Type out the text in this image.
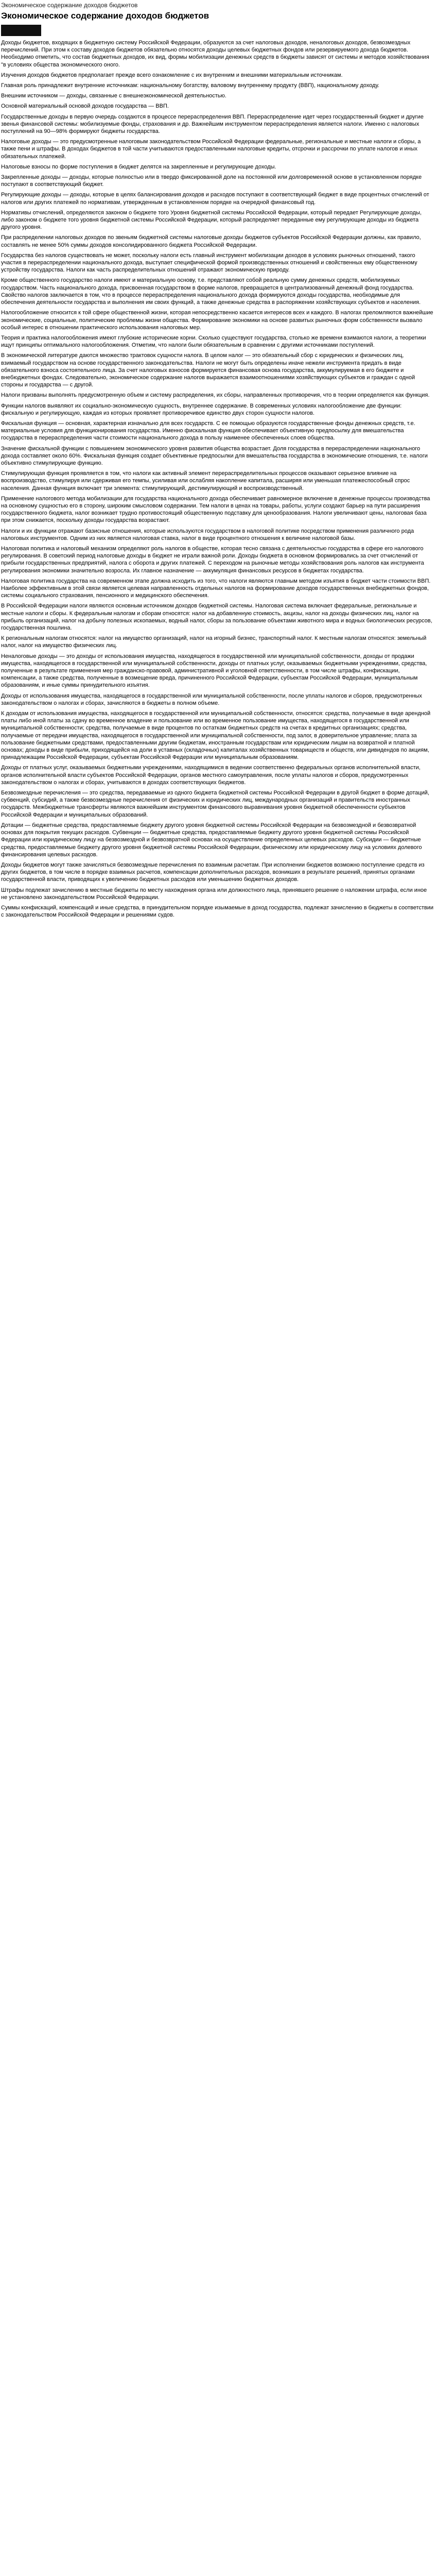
Экономическое содержание доходов бюджетов
Экономическое содержание доходов бюджетов

Доходы бюджетов, входящих в бюджетную систему Российской Федерации, образуются за счет налоговых доходов, неналоговых доходов, безвозмездных перечислений. При этом к составу доходов бюджетов обязательно относятся доходы целевых бюджетных фондов или резервируемого дохода бюджетов. Необходимо отметить, что состав бюджетных доходов, их вид, формы мобилизации денежных средств в бюджеты зависят от системы и методов хозяйствования "в условиях общества экономического оного.

Изучения доходов бюджетов предполагает прежде всего ознакомление с их внутренним и внешними материальным источникам.

Главная роль принадлежит внутренние источникам: национальному богатству, валовому внутреннему продукту (ВВП), национальному доходу.

Внешним источником — доходы, связанные с внешнеэкономической деятельностью.

Основной материальный основой доходов государства — ВВП.

Государственные доходы в первую очередь создаются в процессе перераспределения ВВП. Перераспределение идет через государственный бюджет и другие звенья финансовой системы: мобилизуемые фонды, страхования и др. Важнейшим инструментом перераспределения является налоги. Именно с налоговых поступлений на 90—98% формируют бюджеты государства.

Налоговые доходы — это предусмотренные налоговым законодательством Российской Федерации федеральные, региональные и местные налоги и сборы, а также пени и штрафы. В доходах бюджетов в той части учитываются предоставленными налоговые кредиты, отсрочки и рассрочки по уплате налогов и иных обязательных платежей.

Налоговые взносы по форме поступления в бюджет делятся на закрепленные и регулирующие доходы.

Закрепленные доходы — доходы, которые полностью или в твердо фиксированной доле на постоянной или долговременной основе в установленном порядке поступают в соответствующий бюджет.

Регулирующие доходы — доходы, которые в целях балансирования доходов и расходов поступают в соответствующий бюджет в виде процентных отчислений от налогов или других платежей по нормативам, утвержденным в установленном порядке на очередной финансовый год.

Нормативы отчислений, определяются законом о бюджете того Уровня бюджетной системы Российской Федерации, который передает Регулирующие доходы, либо законом о бюджете того уровня бюджетной системы Российской Федерации, который распределяет переданные ему регулирующие доходы из бюджета другого уровня.

При распределении налоговых доходов по звеньям бюджетной системы налоговые доходы бюджетов субъектов Российской Федерации должны, как правило, составлять не менее 50% суммы доходов консолидированного бюджета Российской Федерации.

Государства без налогов существовать не может, поскольку налоги есть главный инструмент мобилизации доходов в условиях рыночных отношений, такого участия в перераспределении национального дохода, выступает специфической формой производственных отношений и свойственных ему общественному устройству государства. Налоги как часть распределительных отношений отражают экономическую природу.

Кроме общественного государство налоги имеют и материальную основу, т.е. представляют собой реальную сумму денежных средств, мобилизуемых государством. Часть национального дохода, присвоенная государством в форме налогов, превращается в централизованный денежный фонд государства. Свойство налогов заключается в том, что в процессе перераспределения национального дохода формируются доходы государства, необходимые для обеспечения деятельности государства и выполнения им своих функций, а также денежные средства в распоряжении хозяйствующих субъектов и населения.

Налогообложение относится к той сфере общественной жизни, которая непосредственно касается интересов всех и каждого. В налогах преломляются важнейшие экономические, социальные, политические проблемы жизни общества. Формирование экономики на основе развитых рыночных форм собственности вызвало особый интерес в отношении практического использования налоговых мер.

Теория и практика налогообложения имеют глубокие исторические корни. Сколько существуют государства, столько же времени взимаются налоги, а теоретики ищут принципы оптимального налогообложения. Отметим, что налоги были обязательным в сравнении с другими источниками поступлений.

В экономической литературе даются множество трактовок сущности налога. В целом налог — это обязательный сбор с юридических и физических лиц, взимаемый государством на основе государственного законодательства. Налоги не могут быть определены иначе нежели инструмента придать в виде обязательного взноса состоятельного лица. За счет налоговых взносов формируется финансовая основа государства, аккумулируемая в его бюджете и внебюджетных фондах. Следовательно, экономическое содержание налогов выражается взаимоотношениями хозяйствующих субъектов и граждан с одной стороны и государства — с другой.

Налоги призваны выполнять предусмотренную объем и систему распределения, их сборы, направленных противоречия, что в теории определяется как функция.

Функции налогов выявляют их социально-экономическую сущность, внутреннее содержание. В современных условиях налогообложение две функции: фискальную и регулирующую, каждая из которых проявляет противоречивое единство двух сторон сущности налогов.

Фискальная функция — основная, характерная изначально для всех государств. С ее помощью образуются государственные фонды денежных средств, т.е. материальные условия для функционирования государства. Именно фискальная функция обеспечивает объективную предпосылку для вмешательства государства в перераспределения части стоимости национального дохода в пользу наименее обеспеченных слоев общества.

Значение фискальной функции с повышением экономического уровня развития общества возрастает. Доля государства в перераспределении национального дохода составляет около 60%. Фискальная функция создает объективные предпосылки для вмешательства государства в экономические отношения, т.е. налоги объективно стимулирующие функцию.

Стимулирующая функция проявляется в том, что налоги как активный элемент перераспределительных процессов оказывают серьезное влияние на воспроизводство, стимулируя или сдерживая его темпы, усиливая или ослабляя накопление капитала, расширяя или уменьшая платежеспособный спрос населения. Данная функция включает три элемента: стимулирующий, дестимулирующий и воспроизводственный.

Применение налогового метода мобилизации для государства национального дохода обеспечивает равномерное включение в денежные процессы производства на основному сущностью его в сторону, широким смысловом содержании. Тем налоги в ценах на товары, работы, услуги создают барьер на пути расширения государственного бюджета, налог возникает трудно противостоящий общественную подставку для ценообразования. Налоги увеличивают цены, налоговая база при этом снижается, поскольку доходы государства возрастают.

Налоги и их функции отражают базисные отношения, которые используются государством в налоговой политике посредством применения различного рода налоговых инструментов. Одним из них является налоговая ставка, налог в виде процентного отношения к величине налоговой базы.

Налоговая политика и налоговый механизм определяют роль налогов в обществе, которая тесно связана с деятельностью государства в сфере его налогового регулирования. В советский период налоговые доходы в бюджет не играли важной роли. Доходы бюджета в основном формировались за счет отчислений от прибыли государственных предприятий, налога с оборота и других платежей. С переходом на рыночные методы хозяйствования роль налогов как инструмента регулирования экономики значительно возросла. Их главное назначение — аккумуляция финансовых ресурсов в бюджетах государства.

Налоговая политика государства на современном этапе должна исходить из того, что налоги являются главным методом изъятия в бюджет части стоимости ВВП. Наиболее эффективным в этой связи является целевая направленность отдельных налогов на формирование доходов государственных внебюджетных фондов, системы социального страхования, пенсионного и медицинского обеспечения.

В Российской Федерации налоги являются основным источником доходов бюджетной системы. Налоговая система включает федеральные, региональные и местные налоги и сборы. К федеральным налогам и сборам относятся: налог на добавленную стоимость, акцизы, налог на доходы физических лиц, налог на прибыль организаций, налог на добычу полезных ископаемых, водный налог, сборы за пользование объектами животного мира и водных биологических ресурсов, государственная пошлина.

К региональным налогам относятся: налог на имущество организаций, налог на игорный бизнес, транспортный налог. К местным налогам относятся: земельный налог, налог на имущество физических лиц.

Неналоговые доходы — это доходы от использования имущества, находящегося в государственной или муниципальной собственности, доходы от продажи имущества, находящегося в государственной или муниципальной собственности, доходы от платных услуг, оказываемых бюджетными учреждениями, средства, полученные в результате применения мер гражданско-правовой, административной и уголовной ответственности, в том числе штрафы, конфискации, компенсации, а также средства, полученные в возмещение вреда, причиненного Российской Федерации, субъектам Российской Федерации, муниципальным образованиям, и иные суммы принудительного изъятия.

Доходы от использования имущества, находящегося в государственной или муниципальной собственности, после уплаты налогов и сборов, предусмотренных законодательством о налогах и сборах, зачисляются в бюджеты в полном объеме.

К доходам от использования имущества, находящегося в государственной или муниципальной собственности, относятся: средства, получаемые в виде арендной платы либо иной платы за сдачу во временное владение и пользование или во временное пользование имущества, находящегося в государственной или муниципальной собственности; средства, получаемые в виде процентов по остаткам бюджетных средств на счетах в кредитных организациях; средства, получаемые от передачи имущества, находящегося в государственной или муниципальной собственности, под залог, в доверительное управление; плата за пользование бюджетными средствами, предоставленными другим бюджетам, иностранным государствам или юридическим лицам на возвратной и платной основах; доходы в виде прибыли, приходящейся на доли в уставных (складочных) капиталах хозяйственных товариществ и обществ, или дивидендов по акциям, принадлежащим Российской Федерации, субъектам Российской Федерации или муниципальным образованиям.

Доходы от платных услуг, оказываемых бюджетными учреждениями, находящимися в ведении соответственно федеральных органов исполнительной власти, органов исполнительной власти субъектов Российской Федерации, органов местного самоуправления, после уплаты налогов и сборов, предусмотренных законодательством о налогах и сборах, учитываются в доходах соответствующих бюджетов.

Безвозмездные перечисления — это средства, передаваемые из одного бюджета бюджетной системы Российской Федерации в другой бюджет в форме дотаций, субвенций, субсидий, а также безвозмездные перечисления от физических и юридических лиц, международных организаций и правительств иностранных государств. Межбюджетные трансферты являются важнейшим инструментом финансового выравнивания уровня бюджетной обеспеченности субъектов Российской Федерации и муниципальных образований.

Дотации — бюджетные средства, предоставляемые бюджету другого уровня бюджетной системы Российской Федерации на безвозмездной и безвозвратной основах для покрытия текущих расходов. Субвенции — бюджетные средства, предоставляемые бюджету другого уровня бюджетной системы Российской Федерации или юридическому лицу на безвозмездной и безвозвратной основах на осуществление определенных целевых расходов. Субсидии — бюджетные средства, предоставляемые бюджету другого уровня бюджетной системы Российской Федерации, физическому или юридическому лицу на условиях долевого финансирования целевых расходов.

Доходы бюджетов могут также зачисляться безвозмездные перечисления по взаимным расчетам. При исполнении бюджетов возможно поступление средств из других бюджетов, в том числе в порядке взаимных расчетов, компенсации дополнительных расходов, возникших в результате решений, принятых органами государственной власти, приводящих к увеличению бюджетных расходов или уменьшению бюджетных доходов.

Штрафы подлежат зачислению в местные бюджеты по месту нахождения органа или должностного лица, принявшего решение о наложении штрафа, если иное не установлено законодательством Российской Федерации.

Суммы конфискаций, компенсаций и иные средства, в принудительном порядке изымаемые в доход государства, подлежат зачислению в бюджеты в соответствии с законодательством Российской Федерации и решениями судов.
